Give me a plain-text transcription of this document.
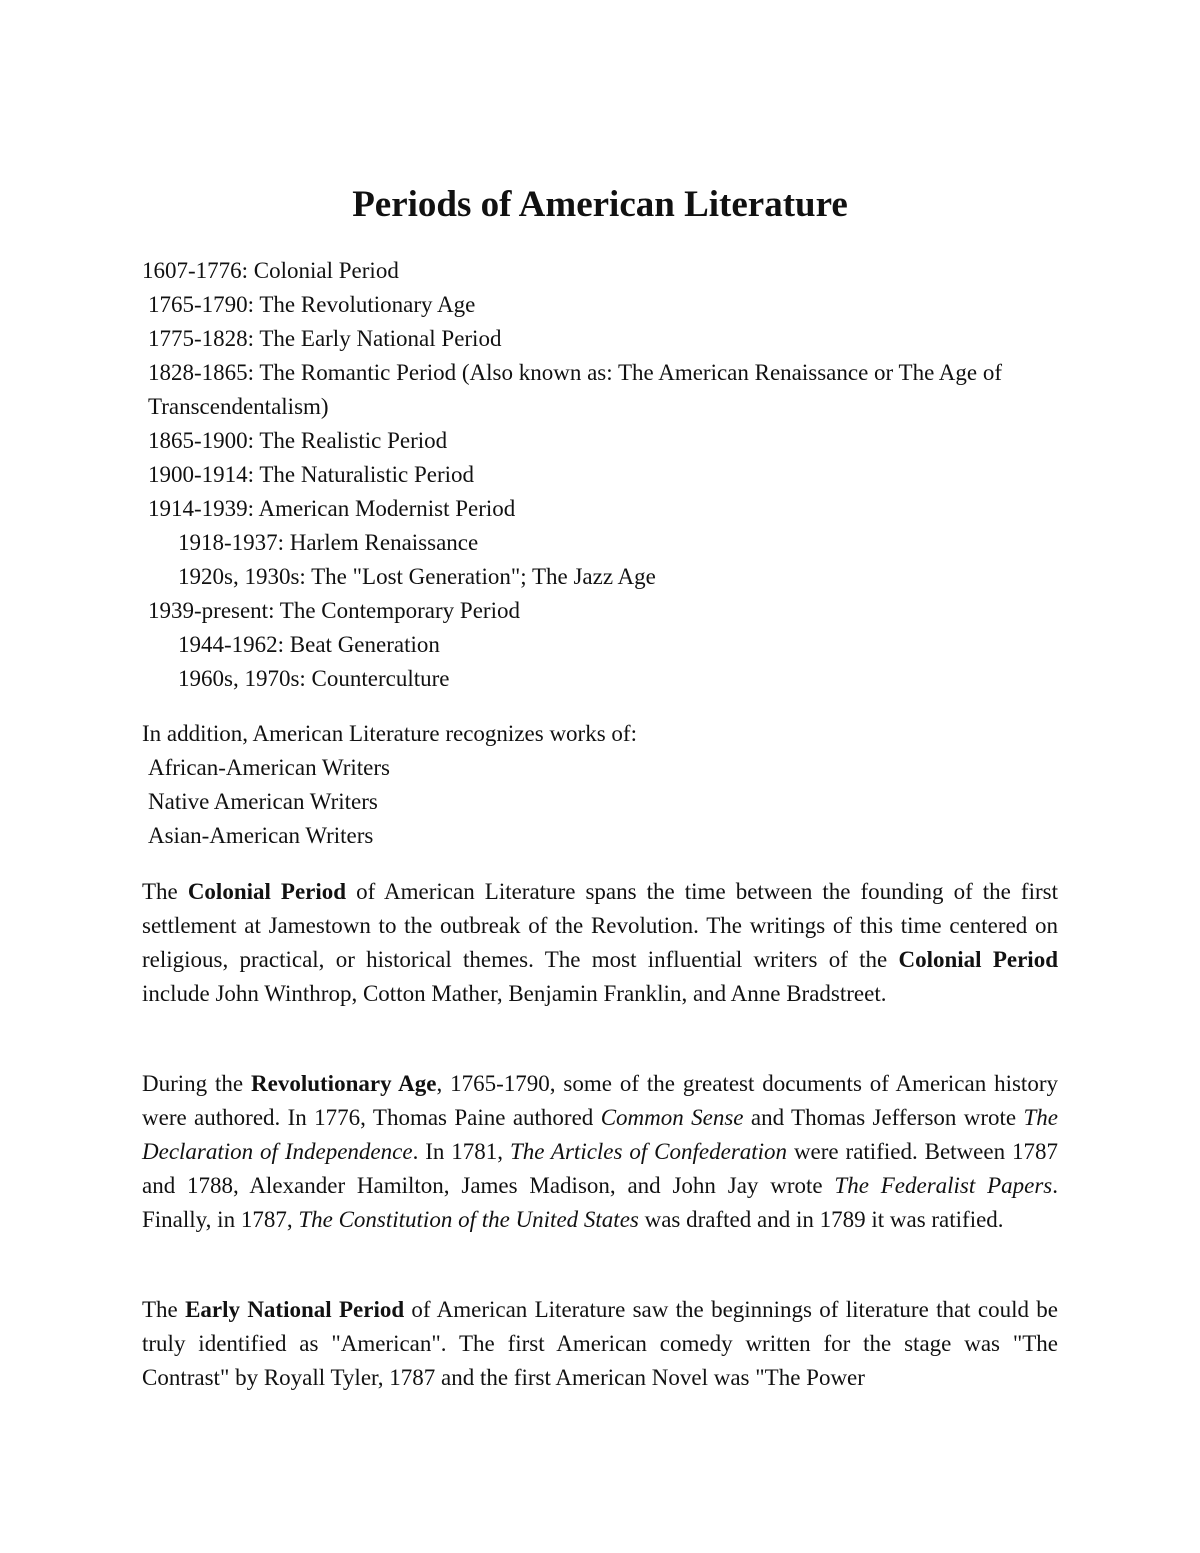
Periods of American Literature
1607-1776: Colonial Period
1765-1790: The Revolutionary Age
1775-1828: The Early National Period
1828-1865: The Romantic Period (Also known as: The American Renaissance or The Age of Transcendentalism)
1865-1900: The Realistic Period
1900-1914: The Naturalistic Period
1914-1939: American Modernist Period
1918-1937: Harlem Renaissance
1920s, 1930s: The "Lost Generation"; The Jazz Age
1939-present: The Contemporary Period
1944-1962: Beat Generation
1960s, 1970s: Counterculture
In addition, American Literature recognizes works of:
African-American Writers
Native American Writers
Asian-American Writers

The Colonial Period of American Literature spans the time between the founding of the first settlement at Jamestown to the outbreak of the Revolution. The writings of this time centered on religious, practical, or historical themes. The most influential writers of the Colonial Period include John Winthrop, Cotton Mather, Benjamin Franklin, and Anne Bradstreet.

During the Revolutionary Age, 1765-1790, some of the greatest documents of American history were authored. In 1776, Thomas Paine authored Common Sense and Thomas Jefferson wrote The Declaration of Independence. In 1781, The Articles of Confederation were ratified. Between 1787 and 1788, Alexander Hamilton, James Madison, and John Jay wrote The Federalist Papers. Finally, in 1787, The Constitution of the United States was drafted and in 1789 it was ratified.

The Early National Period of American Literature saw the beginnings of literature that could be truly identified as "American". The first American comedy written for the stage was "The Contrast" by Royall Tyler, 1787 and the first American Novel was "The Power
